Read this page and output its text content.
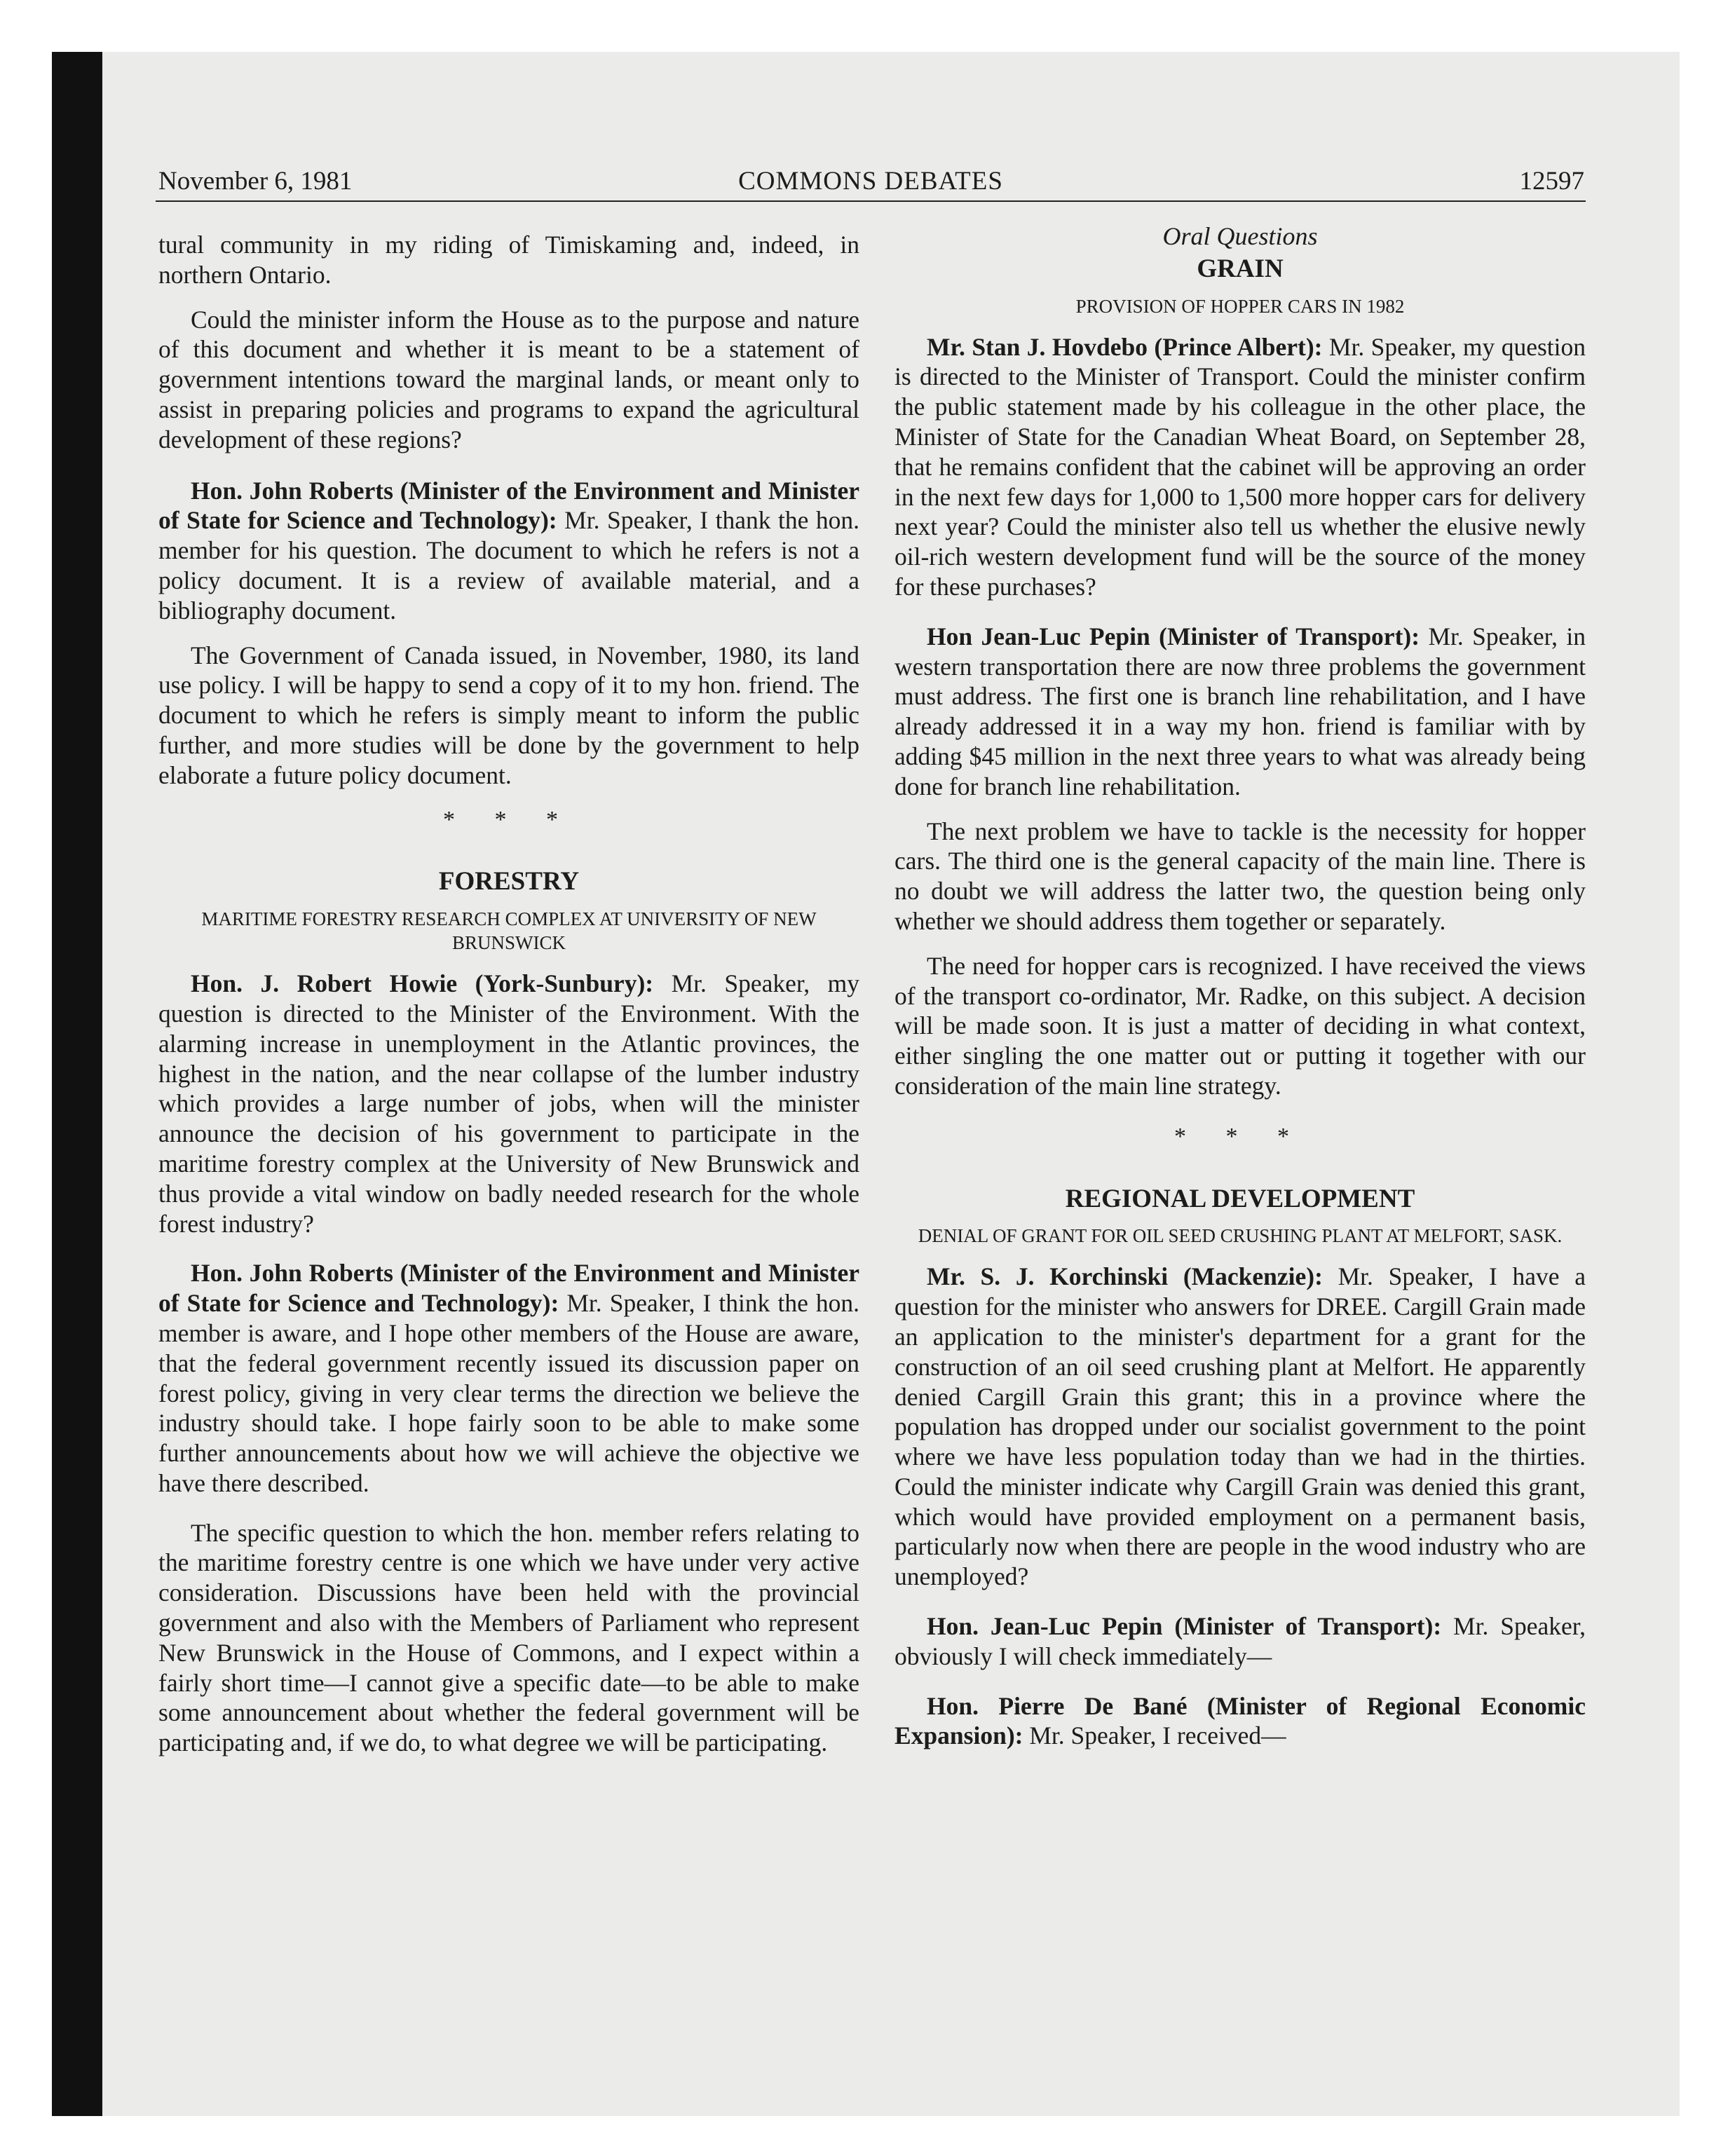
November 6, 1981	COMMONS DEBATES	12597

tural community in my riding of Timiskaming and, indeed, in northern Ontario.

Could the minister inform the House as to the purpose and nature of this document and whether it is meant to be a statement of government intentions toward the marginal lands, or meant only to assist in preparing policies and programs to expand the agricultural development of these regions?

Hon. John Roberts (Minister of the Environment and Minister of State for Science and Technology): Mr. Speaker, I thank the hon. member for his question. The document to which he refers is not a policy document. It is a review of available material, and a bibliography document.

The Government of Canada issued, in November, 1980, its land use policy. I will be happy to send a copy of it to my hon. friend. The document to which he refers is simply meant to inform the public further, and more studies will be done by the government to help elaborate a future policy document.

* * *
FORESTRY
MARITIME FORESTRY RESEARCH COMPLEX AT UNIVERSITY OF NEW BRUNSWICK

Hon. J. Robert Howie (York-Sunbury): Mr. Speaker, my question is directed to the Minister of the Environment. With the alarming increase in unemployment in the Atlantic provinces, the highest in the nation, and the near collapse of the lumber industry which provides a large number of jobs, when will the minister announce the decision of his government to participate in the maritime forestry complex at the University of New Brunswick and thus provide a vital window on badly needed research for the whole forest industry?

Hon. John Roberts (Minister of the Environment and Minister of State for Science and Technology): Mr. Speaker, I think the hon. member is aware, and I hope other members of the House are aware, that the federal government recently issued its discussion paper on forest policy, giving in very clear terms the direction we believe the industry should take. I hope fairly soon to be able to make some further announcements about how we will achieve the objective we have there described.

The specific question to which the hon. member refers relating to the maritime forestry centre is one which we have under very active consideration. Discussions have been held with the provincial government and also with the Members of Parliament who represent New Brunswick in the House of Commons, and I expect within a fairly short time—I cannot give a specific date—to be able to make some announcement about whether the federal government will be participating and, if we do, to what degree we will be participating.

Oral Questions
GRAIN
PROVISION OF HOPPER CARS IN 1982

Mr. Stan J. Hovdebo (Prince Albert): Mr. Speaker, my question is directed to the Minister of Transport. Could the minister confirm the public statement made by his colleague in the other place, the Minister of State for the Canadian Wheat Board, on September 28, that he remains confident that the cabinet will be approving an order in the next few days for 1,000 to 1,500 more hopper cars for delivery next year? Could the minister also tell us whether the elusive newly oil-rich western development fund will be the source of the money for these purchases?

Hon Jean-Luc Pepin (Minister of Transport): Mr. Speaker, in western transportation there are now three problems the government must address. The first one is branch line rehabilitation, and I have already addressed it in a way my hon. friend is familiar with by adding $45 million in the next three years to what was already being done for branch line rehabilitation.

The next problem we have to tackle is the necessity for hopper cars. The third one is the general capacity of the main line. There is no doubt we will address the latter two, the question being only whether we should address them together or separately.

The need for hopper cars is recognized. I have received the views of the transport co-ordinator, Mr. Radke, on this subject. A decision will be made soon. It is just a matter of deciding in what context, either singling the one matter out or putting it together with our consideration of the main line strategy.

* * *
REGIONAL DEVELOPMENT
DENIAL OF GRANT FOR OIL SEED CRUSHING PLANT AT MELFORT, SASK.

Mr. S. J. Korchinski (Mackenzie): Mr. Speaker, I have a question for the minister who answers for DREE. Cargill Grain made an application to the minister's department for a grant for the construction of an oil seed crushing plant at Melfort. He apparently denied Cargill Grain this grant; this in a province where the population has dropped under our socialist government to the point where we have less population today than we had in the thirties. Could the minister indicate why Cargill Grain was denied this grant, which would have provided employment on a permanent basis, particularly now when there are people in the wood industry who are unemployed?

Hon. Jean-Luc Pepin (Minister of Transport): Mr. Speaker, obviously I will check immediately—

Hon. Pierre De Bané (Minister of Regional Economic Expansion): Mr. Speaker, I received—
